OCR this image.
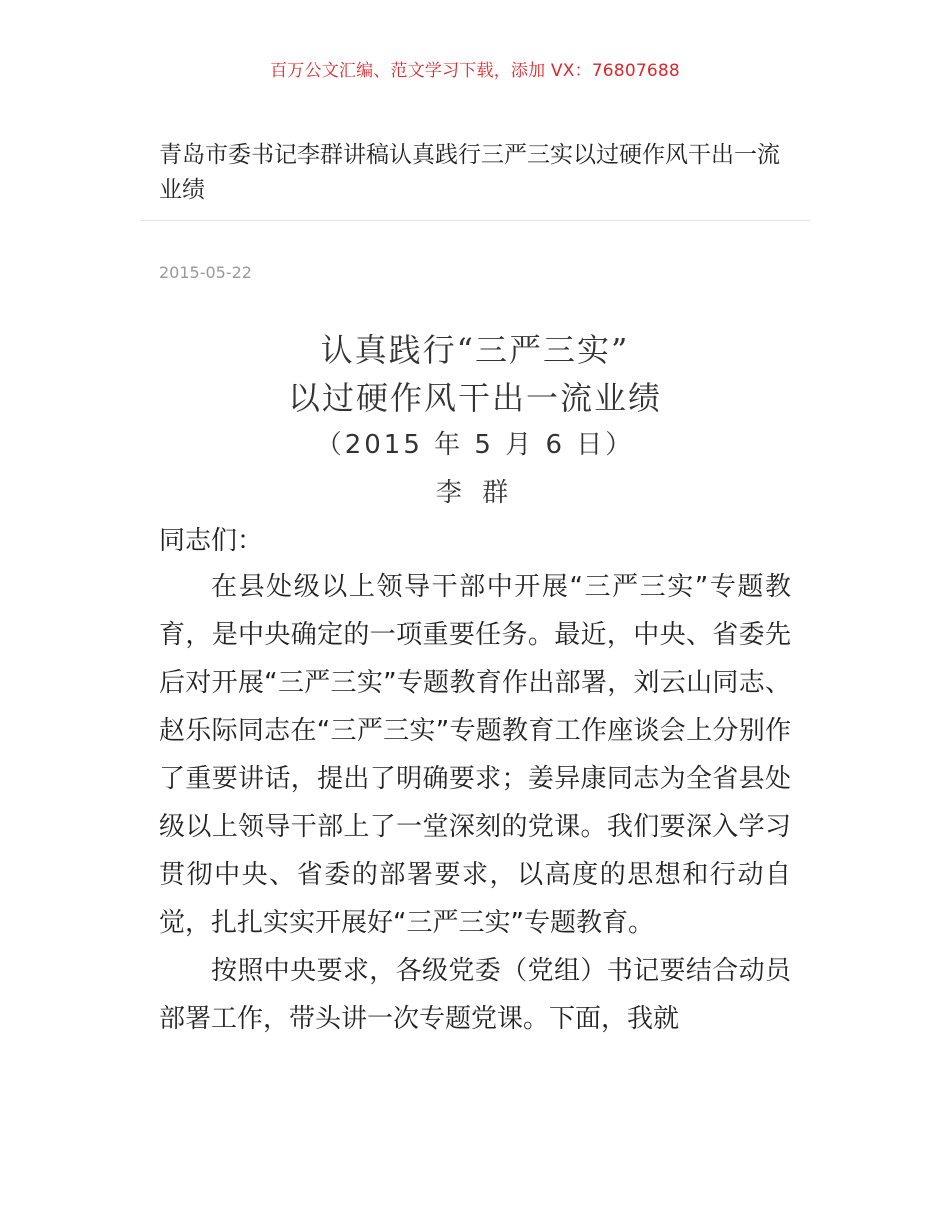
百万公文汇编、范文学习下载，添加 VX：76807688
青岛市委书记李群讲稿认真践行三严三实以过硬作风干出一流业绩
2015-05-22
认真践行“三严三实”
以过硬作风干出一流业绩
（2015 年 5 月 6 日）
李 群
同志们：

在县处级以上领导干部中开展“三严三实”专题教育，是中央确定的一项重要任务。最近，中央、省委先后对开展“三严三实”专题教育作出部署，刘云山同志、赵乐际同志在“三严三实”专题教育工作座谈会上分别作了重要讲话，提出了明确要求；姜异康同志为全省县处级以上领导干部上了一堂深刻的党课。我们要深入学习贯彻中央、省委的部署要求，以高度的思想和行动自觉，扎扎实实开展好“三严三实”专题教育。

按照中央要求，各级党委（党组）书记要结合动员部署工作，带头讲一次专题党课。下面，我就
